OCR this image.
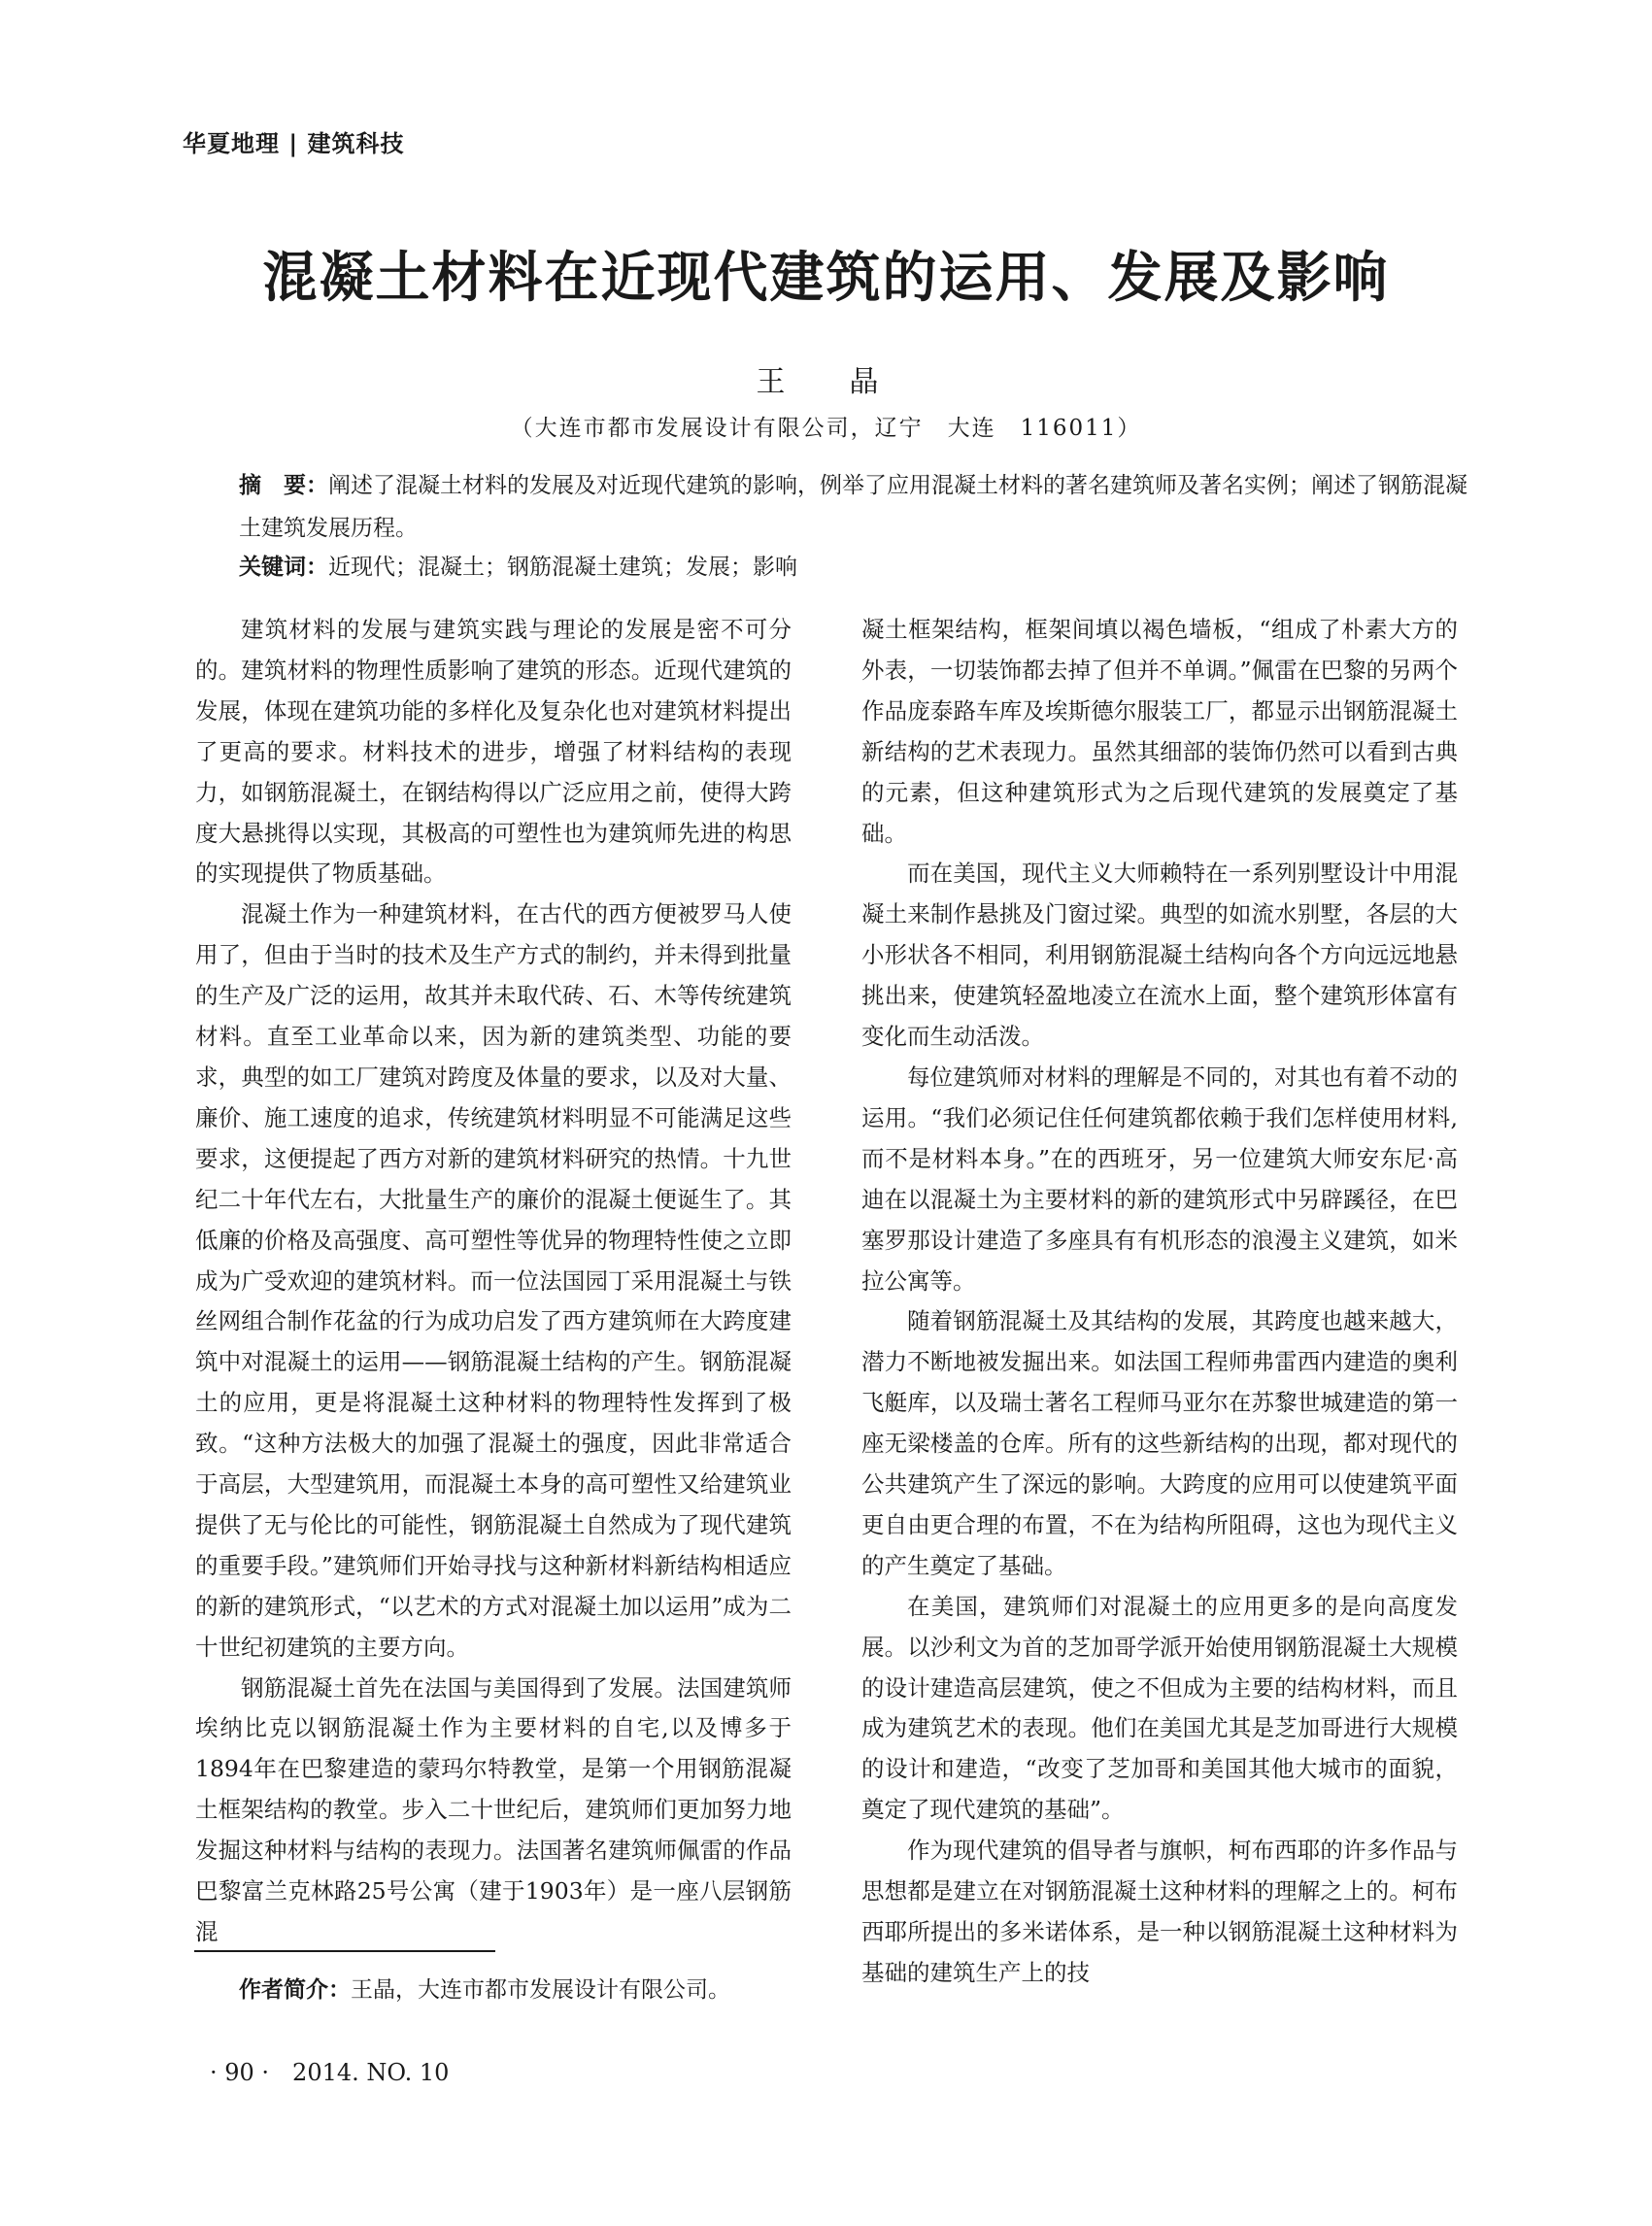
华夏地理 | 建筑科技
混凝土材料在近现代建筑的运用、发展及影响
王　晶
（大连市都市发展设计有限公司，辽宁　大连　116011）
摘　要：阐述了混凝土材料的发展及对近现代建筑的影响，例举了应用混凝土材料的著名建筑师及著名实例；阐述了钢筋混凝土建筑发展历程。
关键词：近现代；混凝土；钢筋混凝土建筑；发展；影响

建筑材料的发展与建筑实践与理论的发展是密不可分的。建筑材料的物理性质影响了建筑的形态。近现代建筑的发展，体现在建筑功能的多样化及复杂化也对建筑材料提出了更高的要求。材料技术的进步，增强了材料结构的表现力，如钢筋混凝土，在钢结构得以广泛应用之前，使得大跨度大悬挑得以实现，其极高的可塑性也为建筑师先进的构思的实现提供了物质基础。

混凝土作为一种建筑材料，在古代的西方便被罗马人使用了，但由于当时的技术及生产方式的制约，并未得到批量的生产及广泛的运用，故其并未取代砖、石、木等传统建筑材料。直至工业革命以来，因为新的建筑类型、功能的要求，典型的如工厂建筑对跨度及体量的要求，以及对大量、廉价、施工速度的追求，传统建筑材料明显不可能满足这些要求，这便提起了西方对新的建筑材料研究的热情。十九世纪二十年代左右，大批量生产的廉价的混凝土便诞生了。其低廉的价格及高强度、高可塑性等优异的物理特性使之立即成为广受欢迎的建筑材料。而一位法国园丁采用混凝土与铁丝网组合制作花盆的行为成功启发了西方建筑师在大跨度建筑中对混凝土的运用——钢筋混凝土结构的产生。钢筋混凝土的应用，更是将混凝土这种材料的物理特性发挥到了极致。“这种方法极大的加强了混凝土的强度，因此非常适合于高层，大型建筑用，而混凝土本身的高可塑性又给建筑业提供了无与伦比的可能性，钢筋混凝土自然成为了现代建筑的重要手段。”建筑师们开始寻找与这种新材料新结构相适应的新的建筑形式，“以艺术的方式对混凝土加以运用”成为二十世纪初建筑的主要方向。

钢筋混凝土首先在法国与美国得到了发展。法国建筑师埃纳比克以钢筋混凝土作为主要材料的自宅,以及博多于1894年在巴黎建造的蒙玛尔特教堂，是第一个用钢筋混凝土框架结构的教堂。步入二十世纪后，建筑师们更加努力地发掘这种材料与结构的表现力。法国著名建筑师佩雷的作品巴黎富兰克林路25号公寓（建于1903年）是一座八层钢筋混

凝土框架结构，框架间填以褐色墙板，“组成了朴素大方的外表，一切装饰都去掉了但并不单调。”佩雷在巴黎的另两个作品庞泰路车库及埃斯德尔服装工厂，都显示出钢筋混凝土新结构的艺术表现力。虽然其细部的装饰仍然可以看到古典的元素，但这种建筑形式为之后现代建筑的发展奠定了基础。

而在美国，现代主义大师赖特在一系列别墅设计中用混凝土来制作悬挑及门窗过梁。典型的如流水别墅，各层的大小形状各不相同，利用钢筋混凝土结构向各个方向远远地悬挑出来，使建筑轻盈地凌立在流水上面，整个建筑形体富有变化而生动活泼。

每位建筑师对材料的理解是不同的，对其也有着不动的运用。“我们必须记住任何建筑都依赖于我们怎样使用材料,而不是材料本身。”在的西班牙，另一位建筑大师安东尼·高迪在以混凝土为主要材料的新的建筑形式中另辟蹊径，在巴塞罗那设计建造了多座具有有机形态的浪漫主义建筑，如米拉公寓等。

随着钢筋混凝土及其结构的发展，其跨度也越来越大，潜力不断地被发掘出来。如法国工程师弗雷西内建造的奥利飞艇库，以及瑞士著名工程师马亚尔在苏黎世城建造的第一座无梁楼盖的仓库。所有的这些新结构的出现，都对现代的公共建筑产生了深远的影响。大跨度的应用可以使建筑平面更自由更合理的布置，不在为结构所阻碍，这也为现代主义的产生奠定了基础。

在美国，建筑师们对混凝土的应用更多的是向高度发展。以沙利文为首的芝加哥学派开始使用钢筋混凝土大规模的设计建造高层建筑，使之不但成为主要的结构材料，而且成为建筑艺术的表现。他们在美国尤其是芝加哥进行大规模的设计和建造，“改变了芝加哥和美国其他大城市的面貌，奠定了现代建筑的基础”。

作为现代建筑的倡导者与旗帜，柯布西耶的许多作品与思想都是建立在对钢筋混凝土这种材料的理解之上的。柯布西耶所提出的多米诺体系，是一种以钢筋混凝土这种材料为基础的建筑生产上的技

作者简介：王晶，大连市都市发展设计有限公司。
· 90 ·　2014. NO. 10
